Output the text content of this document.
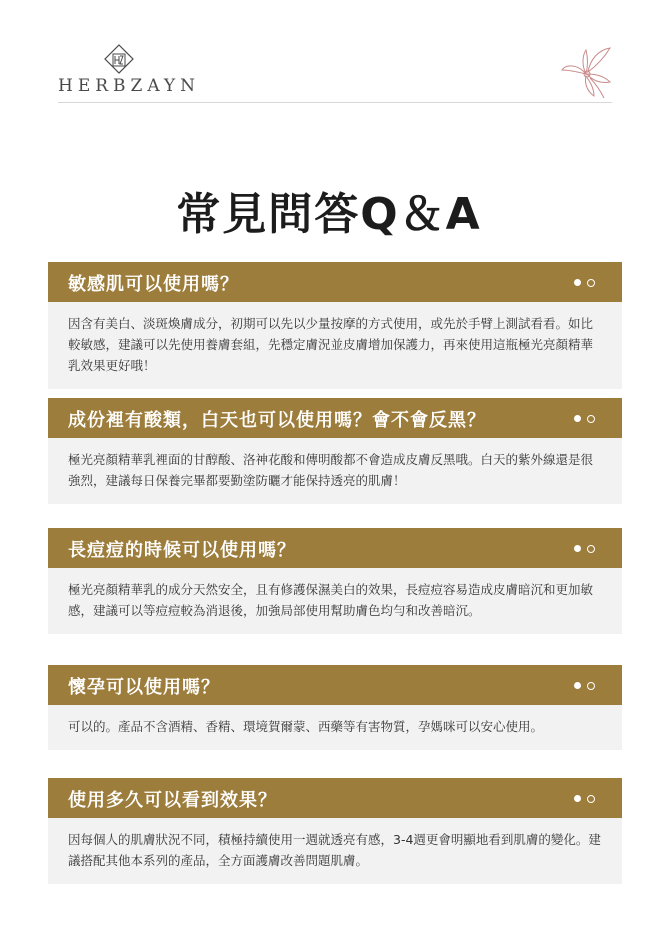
HERBZAYN
常見問答Q＆A
敏感肌可以使用嗎？
因含有美白、淡斑煥膚成分，初期可以先以少量按摩的方式使用，或先於手臂上測試看看。如比較敏感，建議可以先使用養膚套組，先穩定膚況並皮膚增加保護力，再來使用這瓶極光亮顏精華乳效果更好哦！
成份裡有酸類，白天也可以使用嗎？會不會反黑？
極光亮顏精華乳裡面的甘醇酸、洛神花酸和傳明酸都不會造成皮膚反黑哦。白天的紫外線還是很強烈，建議每日保養完畢都要勤塗防曬才能保持透亮的肌膚！
長痘痘的時候可以使用嗎？
極光亮顏精華乳的成分天然安全，且有修護保濕美白的效果，長痘痘容易造成皮膚暗沉和更加敏感，建議可以等痘痘較為消退後，加強局部使用幫助膚色均勻和改善暗沉。
懷孕可以使用嗎？
可以的。產品不含酒精、香精、環境賀爾蒙、西藥等有害物質，孕媽咪可以安心使用。
使用多久可以看到效果？
因每個人的肌膚狀況不同，積極持續使用一週就透亮有感，3-4週更會明顯地看到肌膚的變化。建議搭配其他本系列的產品，全方面護膚改善問題肌膚。
